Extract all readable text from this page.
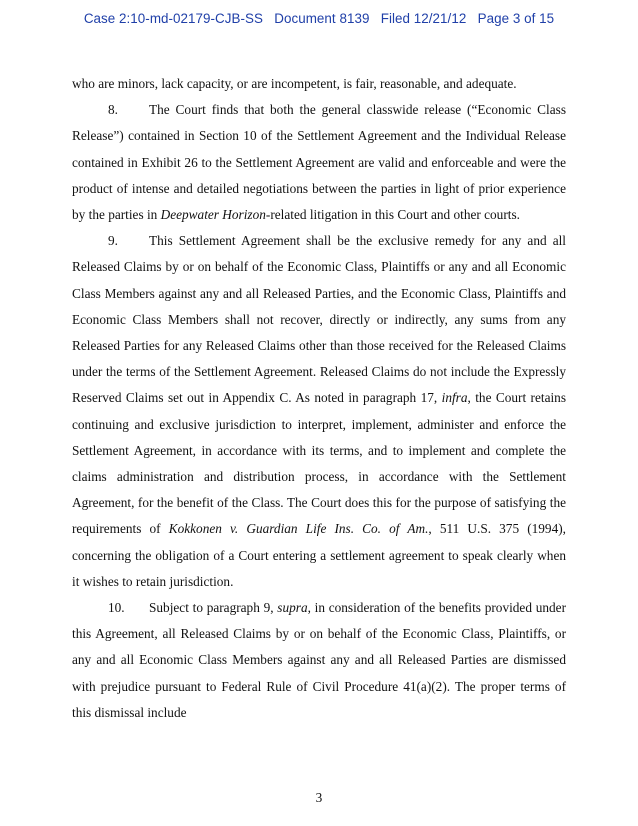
Case 2:10-md-02179-CJB-SS   Document 8139   Filed 12/21/12   Page 3 of 15

who are minors, lack capacity, or are incompetent, is fair, reasonable, and adequate.

8. The Court finds that both the general classwide release (“Economic Class Release”) contained in Section 10 of the Settlement Agreement and the Individual Release contained in Exhibit 26 to the Settlement Agreement are valid and enforceable and were the product of intense and detailed negotiations between the parties in light of prior experience by the parties in Deepwater Horizon-related litigation in this Court and other courts.

9. This Settlement Agreement shall be the exclusive remedy for any and all Released Claims by or on behalf of the Economic Class, Plaintiffs or any and all Economic Class Members against any and all Released Parties, and the Economic Class, Plaintiffs and Economic Class Members shall not recover, directly or indirectly, any sums from any Released Parties for any Released Claims other than those received for the Released Claims under the terms of the Settlement Agreement. Released Claims do not include the Expressly Reserved Claims set out in Appendix C. As noted in paragraph 17, infra, the Court retains continuing and exclusive jurisdiction to interpret, implement, administer and enforce the Settlement Agreement, in accordance with its terms, and to implement and complete the claims administration and distribution process, in accordance with the Settlement Agreement, for the benefit of the Class. The Court does this for the purpose of satisfying the requirements of Kokkonen v. Guardian Life Ins. Co. of Am., 511 U.S. 375 (1994), concerning the obligation of a Court entering a settlement agreement to speak clearly when it wishes to retain jurisdiction.

10. Subject to paragraph 9, supra, in consideration of the benefits provided under this Agreement, all Released Claims by or on behalf of the Economic Class, Plaintiffs, or any and all Economic Class Members against any and all Released Parties are dismissed with prejudice pursuant to Federal Rule of Civil Procedure 41(a)(2). The proper terms of this dismissal include

3
